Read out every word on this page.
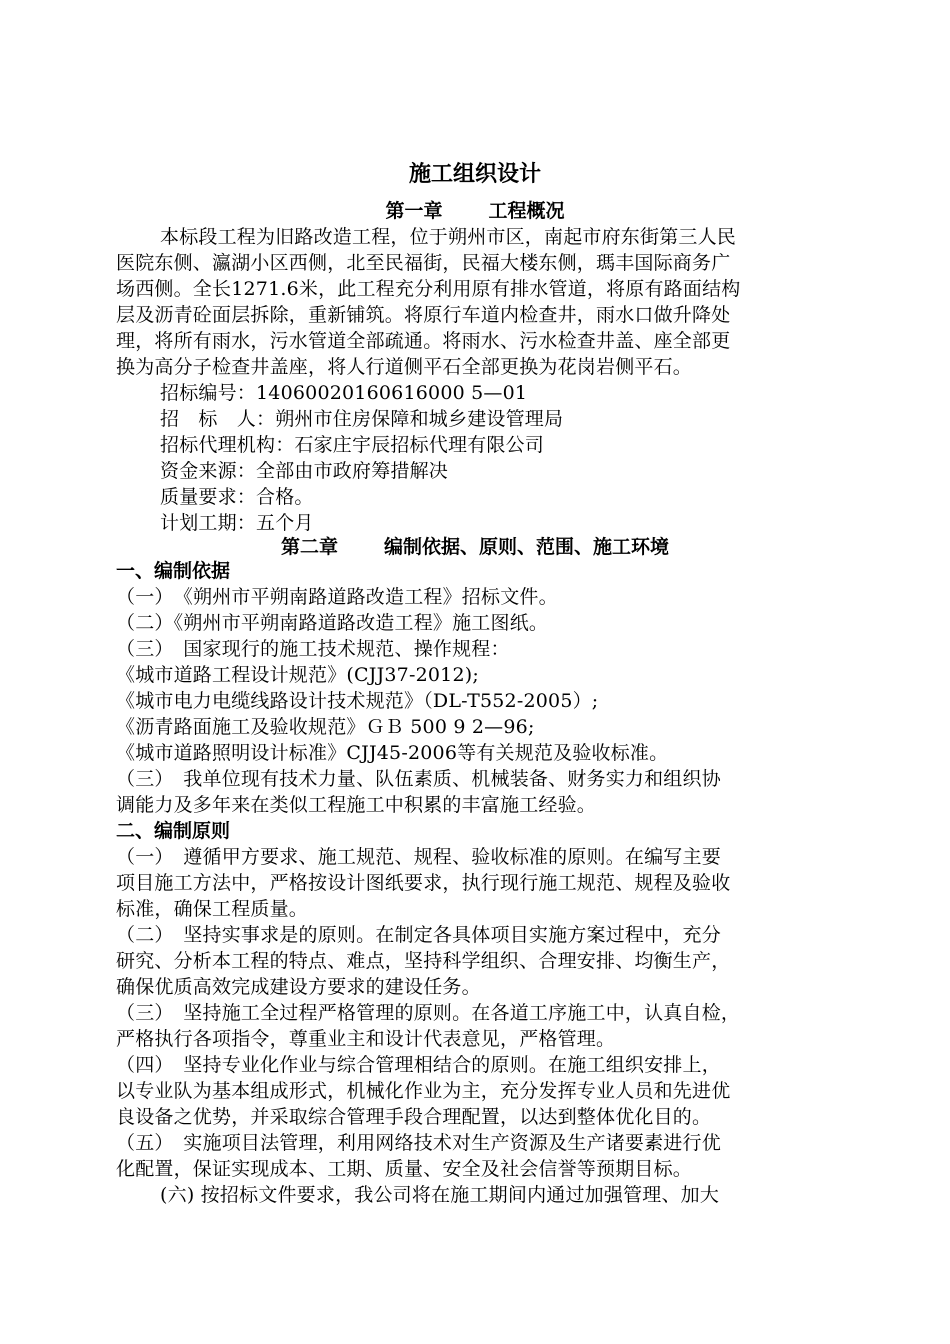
施工组织设计
第一章 工程概况
本标段工程为旧路改造工程，位于朔州市区，南起市府东街第三人民
医院东侧、瀛湖小区西侧，北至民福街，民福大楼东侧，瑪丰国际商务广
场西侧。全长1271.6米，此工程充分利用原有排水管道，将原有路面结构
层及沥青砼面层拆除，重新铺筑。将原行车道内检查井，雨水口做升降处
理，将所有雨水，污水管道全部疏通。将雨水、污水检查井盖、座全部更
换为高分子检查井盖座，将人行道侧平石全部更换为花岗岩侧平石。
招标编号：14060020160616000 5—01
招　标　人：朔州市住房保障和城乡建设管理局
招标代理机构：石家庄宇辰招标代理有限公司
资金来源：全部由市政府筹措解决
质量要求：合格。
计划工期：五个月
第二章 编制依据、原则、范围、施工环境
一、编制依据
（一）　《朔州市平朔南路道路改造工程》招标文件。
（二）《朔州市平朔南路道路改造工程》施工图纸。
（三）　国家现行的施工技术规范、操作规程：
《城市道路工程设计规范》(CJJ37-2012);
《城市电力电缆线路设计技术规范》（DL-T552-2005）;
《沥青路面施工及验收规范》ＧＢ 500 9 2—96;
《城市道路照明设计标准》CJJ45-2006等有关规范及验收标准。
（三）　我单位现有技术力量、队伍素质、机械装备、财务实力和组织协
调能力及多年来在类似工程施工中积累的丰富施工经验。
二、编制原则
（一）　遵循甲方要求、施工规范、规程、验收标准的原则。在编写主要
项目施工方法中，严格按设计图纸要求，执行现行施工规范、规程及验收
标准，确保工程质量。
（二）　坚持实事求是的原则。在制定各具体项目实施方案过程中，充分
研究、分析本工程的特点、难点，坚持科学组织、合理安排、均衡生产，
确保优质高效完成建设方要求的建设任务。
（三）　坚持施工全过程严格管理的原则。在各道工序施工中，认真自检，
严格执行各项指令，尊重业主和设计代表意见，严格管理。
（四）　坚持专业化作业与综合管理相结合的原则。在施工组织安排上，
以专业队为基本组成形式，机械化作业为主，充分发挥专业人员和先进优
良设备之优势，并采取综合管理手段合理配置，以达到整体优化目的。
（五）　实施项目法管理，利用网络技术对生产资源及生产诸要素进行优
化配置，保证实现成本、工期、质量、安全及社会信誉等预期目标。
(六) 按招标文件要求，我公司将在施工期间内通过加强管理、加大
